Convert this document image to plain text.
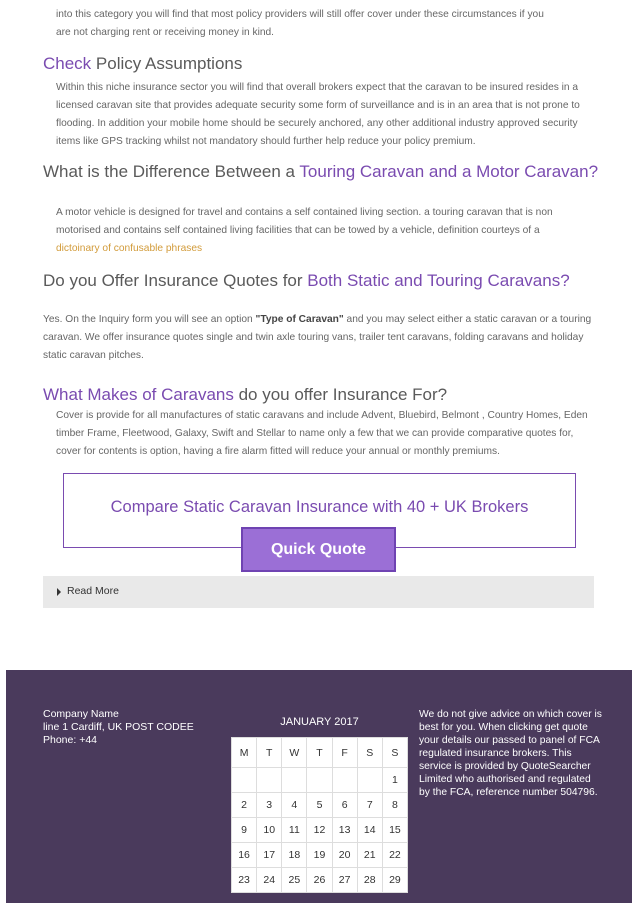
into this category you will find that most policy providers will still offer cover under these circumstances if you
are not charging rent or receiving money in kind.
Check Policy Assumptions

Within this niche insurance sector you will find that overall brokers expect that the caravan to be insured resides in a licensed caravan site that provides adequate security some form of surveillance and is in an area that is not prone to flooding. In addition your mobile home should be securely anchored, any other additional industry approved security items like GPS tracking whilst not mandatory should further help reduce your policy premium.

What is the Difference Between a Touring Caravan and a Motor Caravan?

A motor vehicle is designed for travel and contains a self contained living section. a touring caravan that is non motorised and contains self contained living facilities that can be towed by a vehicle, definition courteys of a
dictoinary of confusable phrases

Do you Offer Insurance Quotes for Both Static and Touring Caravans?

Yes. On the Inquiry form you will see an option "Type of Caravan" and you may select either a static caravan or a touring caravan. We offer insurance quotes single and twin axle touring vans, trailer tent caravans, folding caravans and holiday static caravan pitches.

What Makes of Caravans do you offer Insurance For?

Cover is provide for all manufactures of static caravans and include Advent, Bluebird, Belmont , Country Homes, Eden timber Frame, Fleetwood, Galaxy, Swift and Stellar to name only a few that we can provide comparative quotes for, cover for contents is option, having a fire alarm fitted will reduce your annual or monthly premiums.

Compare Static Caravan Insurance with 40 + UK Brokers
Quick Quote
Read More
Company Name
line 1 Cardiff, UK POST CODEE
Phone: +44
JANUARY 2017
M	T	W	T	F	S	S
						1
2	3	4	5	6	7	8
9	10	11	12	13	14	15
16	17	18	19	20	21	22
23	24	25	26	27	28	29
We do not give advice on which cover is best for you. When clicking get quote your details our passed to panel of FCA regulated insurance brokers. This service is provided by QuoteSearcher Limited who authorised and regulated by the FCA, reference number 504796.
